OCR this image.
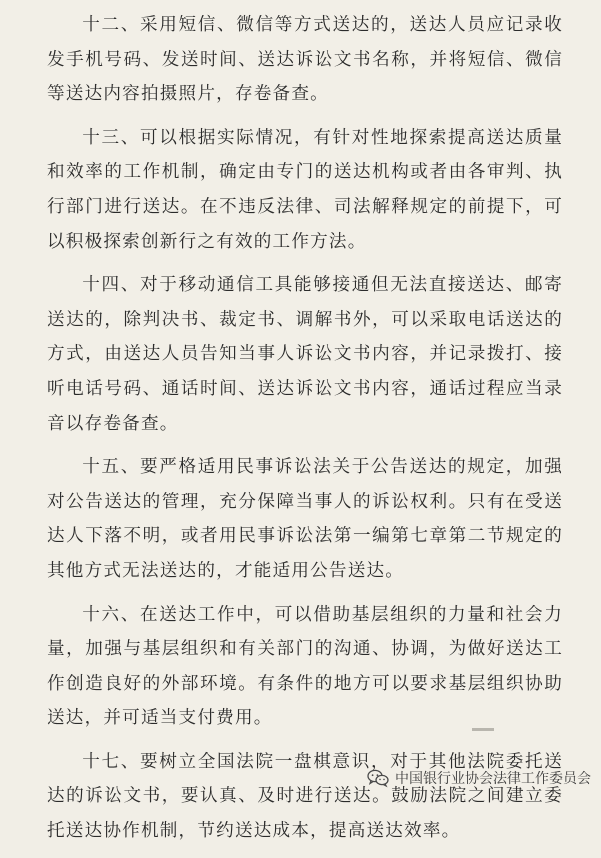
十二、采用短信、微信等方式送达的，送达人员应记录收发手机号码、发送时间、送达诉讼文书名称，并将短信、微信等送达内容拍摄照片，存卷备查。

十三、可以根据实际情况，有针对性地探索提高送达质量和效率的工作机制，确定由专门的送达机构或者由各审判、执行部门进行送达。在不违反法律、司法解释规定的前提下，可以积极探索创新行之有效的工作方法。

十四、对于移动通信工具能够接通但无法直接送达、邮寄送达的，除判决书、裁定书、调解书外，可以采取电话送达的方式，由送达人员告知当事人诉讼文书内容，并记录拨打、接听电话号码、通话时间、送达诉讼文书内容，通话过程应当录音以存卷备查。

十五、要严格适用民事诉讼法关于公告送达的规定，加强对公告送达的管理，充分保障当事人的诉讼权利。只有在受送达人下落不明，或者用民事诉讼法第一编第七章第二节规定的其他方式无法送达的，才能适用公告送达。

十六、在送达工作中，可以借助基层组织的力量和社会力量，加强与基层组织和有关部门的沟通、协调，为做好送达工作创造良好的外部环境。有条件的地方可以要求基层组织协助送达，并可适当支付费用。

十七、要树立全国法院一盘棋意识，对于其他法院委托送达的诉讼文书，要认真、及时进行送达。鼓励法院之间建立委托送达协作机制，节约送达成本，提高送达效率。

中国银行业协会法律工作委员会
